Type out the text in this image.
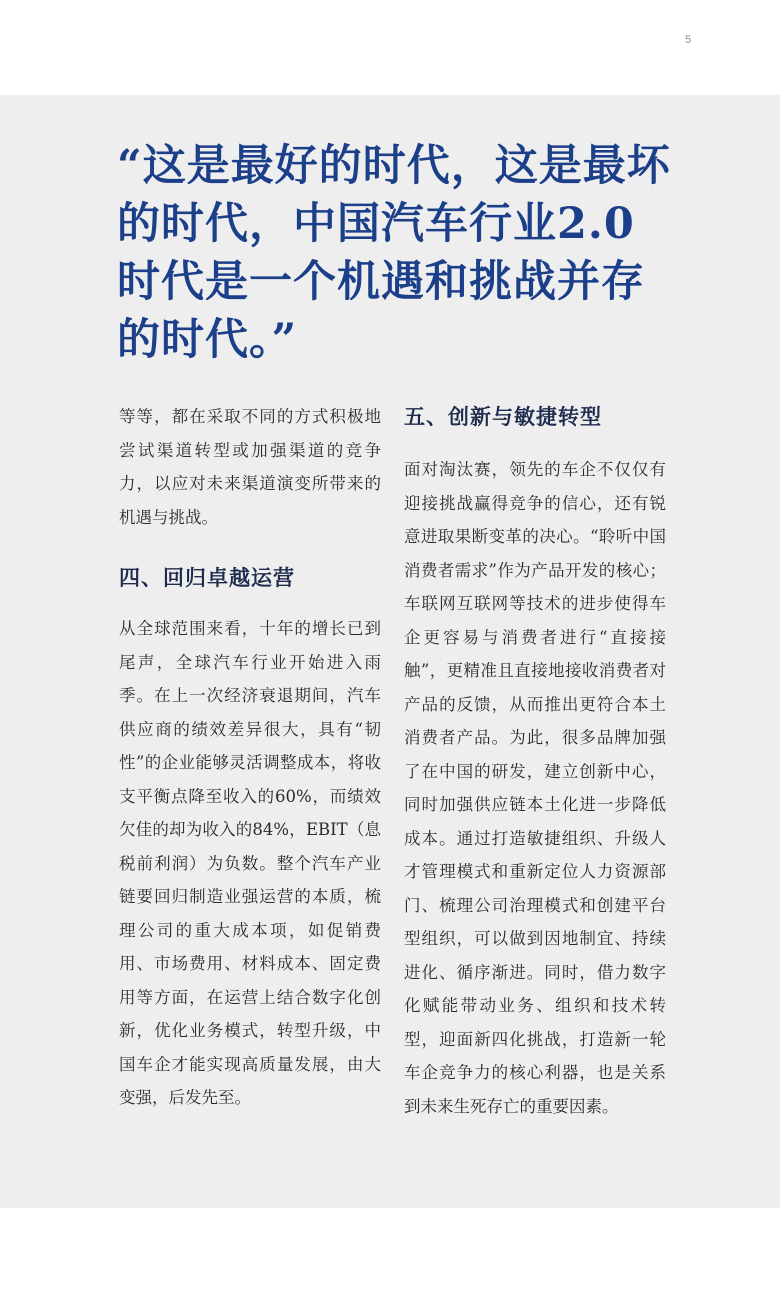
5

“这是最好的时代，这是最坏的时代，中国汽车行业2.0时代是一个机遇和挑战并存的时代。”

等等，都在采取不同的方式积极地尝试渠道转型或加强渠道的竞争力，以应对未来渠道演变所带来的机遇与挑战。

四、回归卓越运营

从全球范围来看，十年的增长已到尾声，全球汽车行业开始进入雨季。在上一次经济衰退期间，汽车供应商的绩效差异很大，具有“韧性”的企业能够灵活调整成本，将收支平衡点降至收入的60%，而绩效欠佳的却为收入的84%，EBIT（息税前利润）为负数。整个汽车产业链要回归制造业强运营的本质，梳理公司的重大成本项，如促销费用、市场费用、材料成本、固定费用等方面，在运营上结合数字化创新，优化业务模式，转型升级，中国车企才能实现高质量发展，由大变强，后发先至。

五、创新与敏捷转型

面对淘汰赛，领先的车企不仅仅有迎接挑战赢得竞争的信心，还有锐意进取果断变革的决心。“聆听中国消费者需求”作为产品开发的核心；车联网互联网等技术的进步使得车企更容易与消费者进行“直接接触”，更精准且直接地接收消费者对产品的反馈，从而推出更符合本土消费者产品。为此，很多品牌加强了在中国的研发，建立创新中心，同时加强供应链本土化进一步降低成本。通过打造敏捷组织、升级人才管理模式和重新定位人力资源部门、梳理公司治理模式和创建平台型组织，可以做到因地制宜、持续进化、循序渐进。同时，借力数字化赋能带动业务、组织和技术转型，迎面新四化挑战，打造新一轮车企竞争力的核心利器，也是关系到未来生死存亡的重要因素。
